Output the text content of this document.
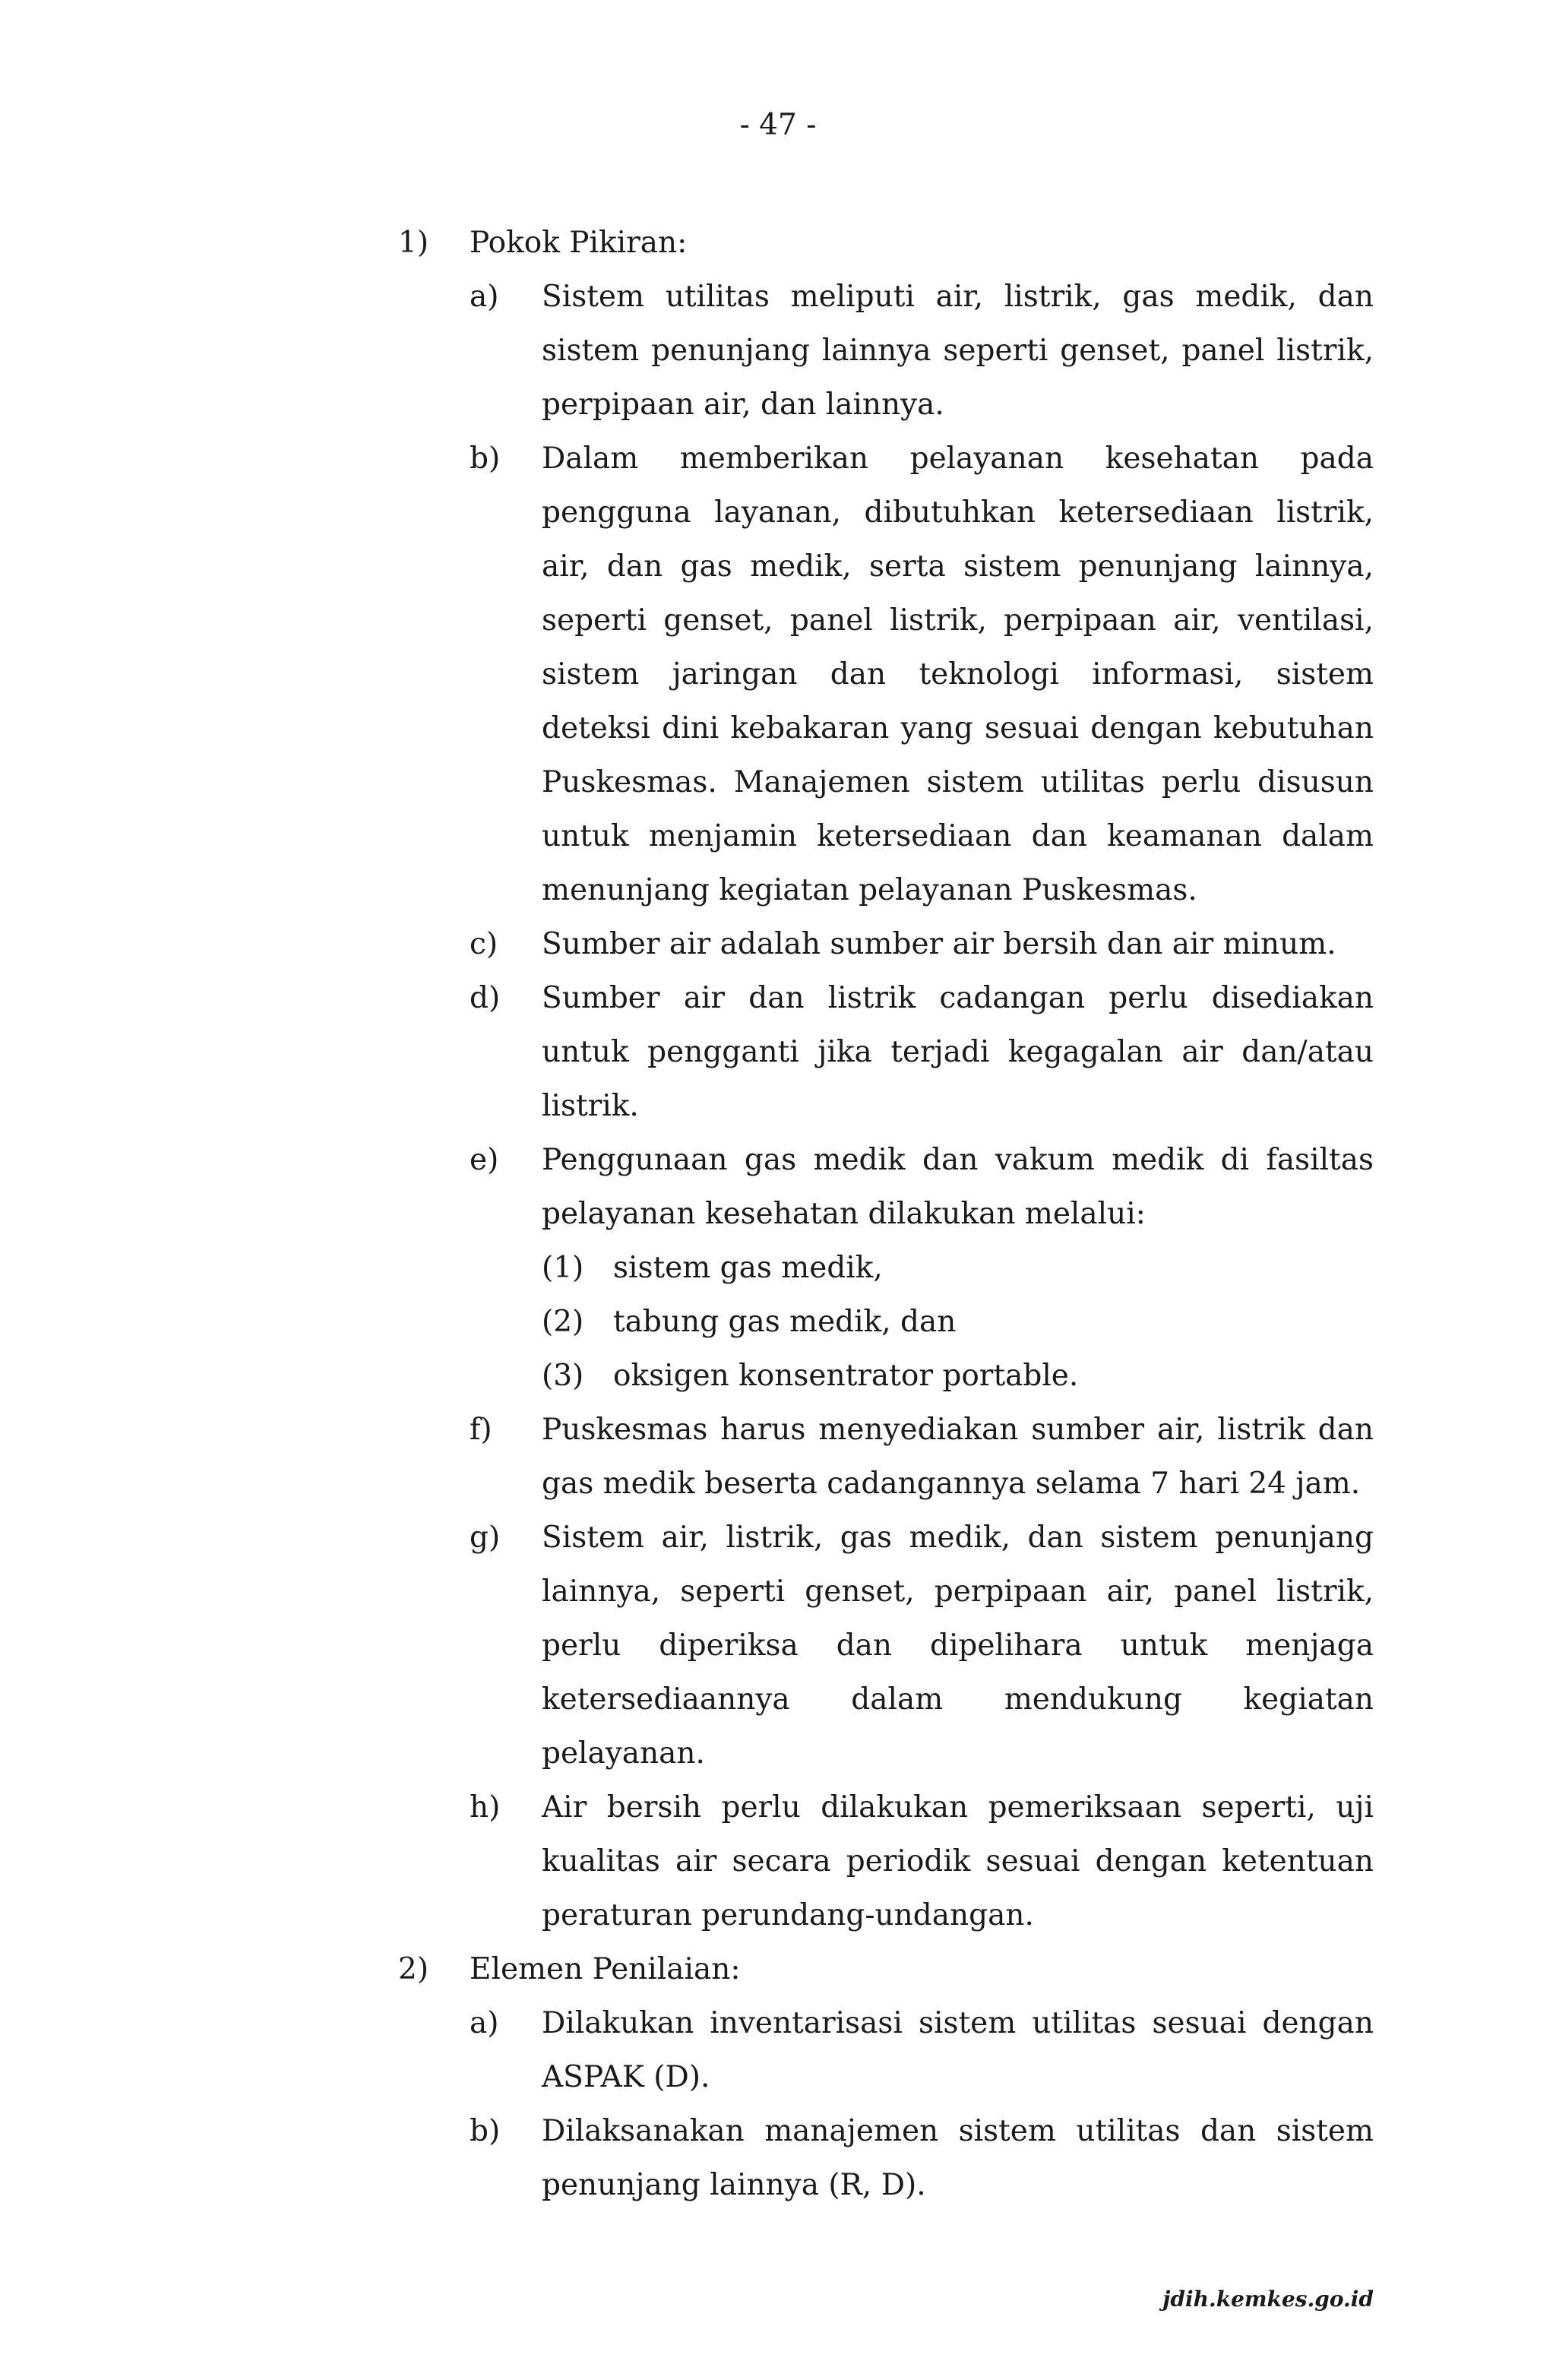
- 47 -
1) Pokok Pikiran:
a) Sistem utilitas meliputi air, listrik, gas medik, dan sistem penunjang lainnya seperti genset, panel listrik, perpipaan air, dan lainnya.
b) Dalam memberikan pelayanan kesehatan pada pengguna layanan, dibutuhkan ketersediaan listrik, air, dan gas medik, serta sistem penunjang lainnya, seperti genset, panel listrik, perpipaan air, ventilasi, sistem jaringan dan teknologi informasi, sistem deteksi dini kebakaran yang sesuai dengan kebutuhan Puskesmas. Manajemen sistem utilitas perlu disusun untuk menjamin ketersediaan dan keamanan dalam menunjang kegiatan pelayanan Puskesmas.
c) Sumber air adalah sumber air bersih dan air minum.
d) Sumber air dan listrik cadangan perlu disediakan untuk pengganti jika terjadi kegagalan air dan/atau listrik.
e) Penggunaan gas medik dan vakum medik di fasiltas pelayanan kesehatan dilakukan melalui:
(1) sistem gas medik,
(2) tabung gas medik, dan
(3) oksigen konsentrator portable.
f) Puskesmas harus menyediakan sumber air, listrik dan gas medik beserta cadangannya selama 7 hari 24 jam.
g) Sistem air, listrik, gas medik, dan sistem penunjang lainnya, seperti genset, perpipaan air, panel listrik, perlu diperiksa dan dipelihara untuk menjaga ketersediaannya dalam mendukung kegiatan pelayanan.
h) Air bersih perlu dilakukan pemeriksaan seperti, uji kualitas air secara periodik sesuai dengan ketentuan peraturan perundang-undangan.
2) Elemen Penilaian:
a) Dilakukan inventarisasi sistem utilitas sesuai dengan ASPAK (D).
b) Dilaksanakan manajemen sistem utilitas dan sistem penunjang lainnya (R, D).
jdih.kemkes.go.id
